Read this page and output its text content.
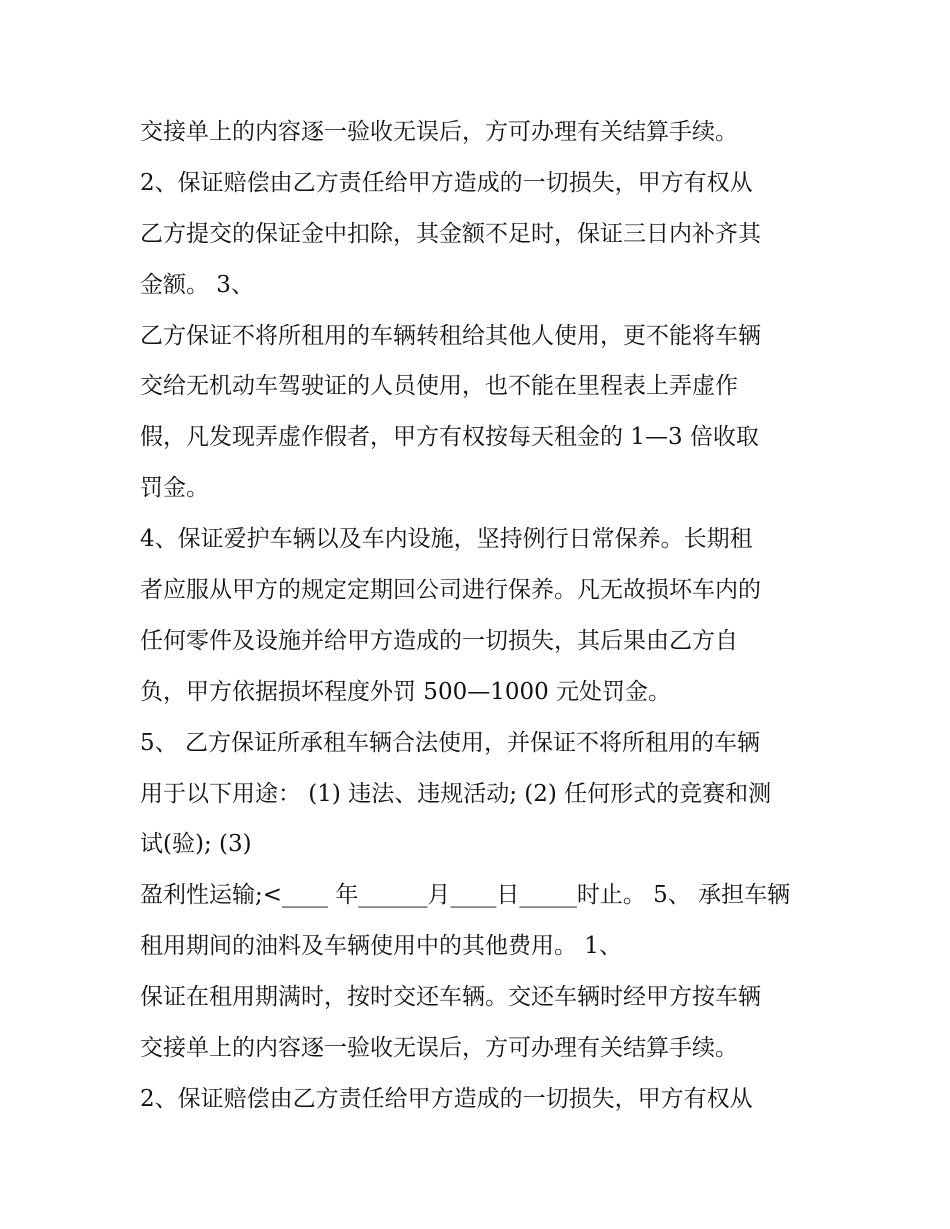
交接单上的内容逐一验收无误后，方可办理有关结算手续。
2、保证赔偿由乙方责任给甲方造成的一切损失，甲方有权从
乙方提交的保证金中扣除，其金额不足时，保证三日内补齐其
金额。 3、
乙方保证不将所租用的车辆转租给其他人使用，更不能将车辆
交给无机动车驾驶证的人员使用，也不能在里程表上弄虚作
假，凡发现弄虚作假者，甲方有权按每天租金的 1—3 倍收取
罚金。
4、保证爱护车辆以及车内设施，坚持例行日常保养。长期租
者应服从甲方的规定定期回公司进行保养。凡无故损坏车内的
任何零件及设施并给甲方造成的一切损失，其后果由乙方自
负，甲方依据损坏程度外罚 500—1000 元处罚金。
5、 乙方保证所承租车辆合法使用，并保证不将所租用的车辆
用于以下用途： (1) 违法、违规活动; (2) 任何形式的竞赛和测
试(验); (3)
盈利性运输;<____ 年______月____日_____时止。 5、 承担车辆
租用期间的油料及车辆使用中的其他费用。 1、
保证在租用期满时，按时交还车辆。交还车辆时经甲方按车辆
交接单上的内容逐一验收无误后，方可办理有关结算手续。
2、保证赔偿由乙方责任给甲方造成的一切损失，甲方有权从
